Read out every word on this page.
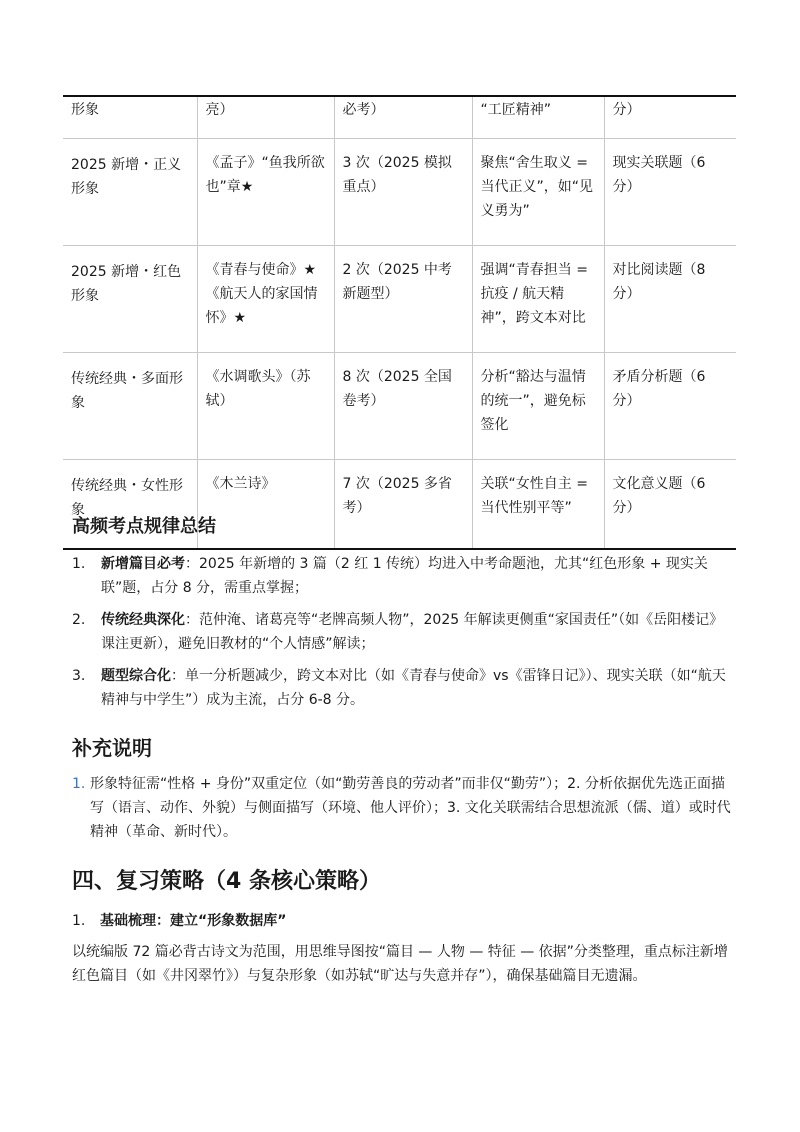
形象	亮）	必考）	“工匠精神”	分）
2025 新增・正义形象	《孟子》“鱼我所欲也”章★	3 次（2025 模拟重点）	聚焦“舍生取义 = 当代正义”，如“见义勇为”	现实关联题（6 分）
2025 新增・红色形象	《青春与使命》★《航天人的家国情怀》★	2 次（2025 中考新题型）	强调“青春担当 = 抗疫 / 航天精神”，跨文本对比	对比阅读题（8 分）
传统经典・多面形象	《水调歌头》（苏轼）	8 次（2025 全国卷考）	分析“豁达与温情的统一”，避免标签化	矛盾分析题（6 分）
传统经典・女性形象	《木兰诗》	7 次（2025 多省考）	关联“女性自主 = 当代性别平等”	文化意义题（6 分）
高频考点规律总结
1. 新增篇目必考：2025 年新增的 3 篇（2 红 1 传统）均进入中考命题池，尤其“红色形象 + 现实关联”题，占分 8 分，需重点掌握；
2. 传统经典深化：范仲淹、诸葛亮等“老牌高频人物”，2025 年解读更侧重“家国责任”（如《岳阳楼记》课注更新），避免旧教材的“个人情感”解读；
3. 题型综合化：单一分析题减少，跨文本对比（如《青春与使命》vs《雷锋日记》）、现实关联（如“航天精神与中学生”）成为主流，占分 6-8 分。
补充说明
1. 形象特征需“性格 + 身份”双重定位（如“勤劳善良的劳动者”而非仅“勤劳”）；2. 分析依据优先选正面描写（语言、动作、外貌）与侧面描写（环境、他人评价）；3. 文化关联需结合思想流派（儒、道）或时代精神（革命、新时代）。
四、复习策略（4 条核心策略）
1. 基础梳理：建立“形象数据库”
以统编版 72 篇必背古诗文为范围，用思维导图按“篇目 — 人物 — 特征 — 依据”分类整理，重点标注新增红色篇目（如《井冈翠竹》）与复杂形象（如苏轼“旷达与失意并存”），确保基础篇目无遗漏。
